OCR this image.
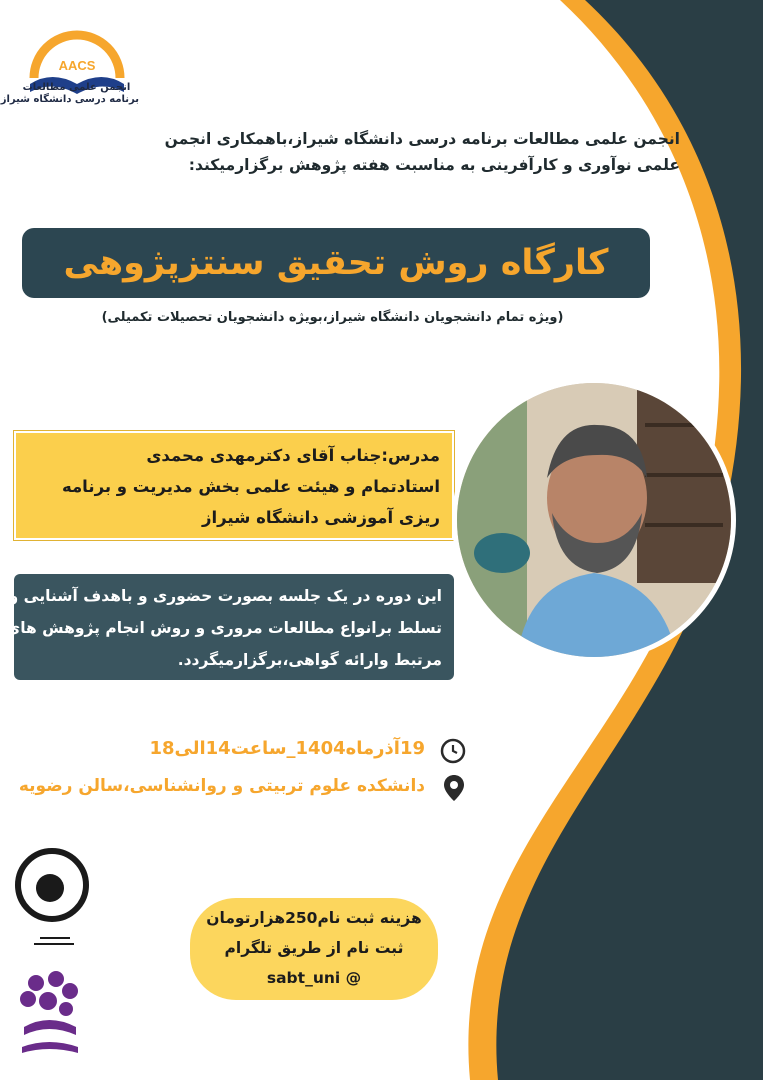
AACS
انجمن علمی مطالعات
برنامه درسی دانشگاه شیراز
انجمن علمی مطالعات برنامه درسی دانشگاه شیراز،باهمکاری انجمن
علمی نوآوری و کارآفرینی به مناسبت هفته پژوهش برگزارمیکند:
کارگاه روش تحقیق سنتزپژوهی
(ویژه تمام دانشجویان دانشگاه شیراز،بویژه دانشجویان تحصیلات تکمیلی)
مدرس:جناب آقای دکترمهدی محمدی
استادتمام و هیئت علمی بخش مدیریت و برنامه
ریزی آموزشی دانشگاه شیراز
این دوره در یک جلسه بصورت حضوری و باهدف آشنایی و
تسلط برانواع مطالعات مروری و روش انجام پژوهش های
مرتبط وارائه گواهی،برگزارمیگردد.
19آذرماه1404_ساعت14الی18
دانشکده علوم تربیتی و روانشناسی،سالن رضویه
هزینه ثبت نام250هزارتومان
ثبت نام از طریق تلگرام
@ sabt_uni
